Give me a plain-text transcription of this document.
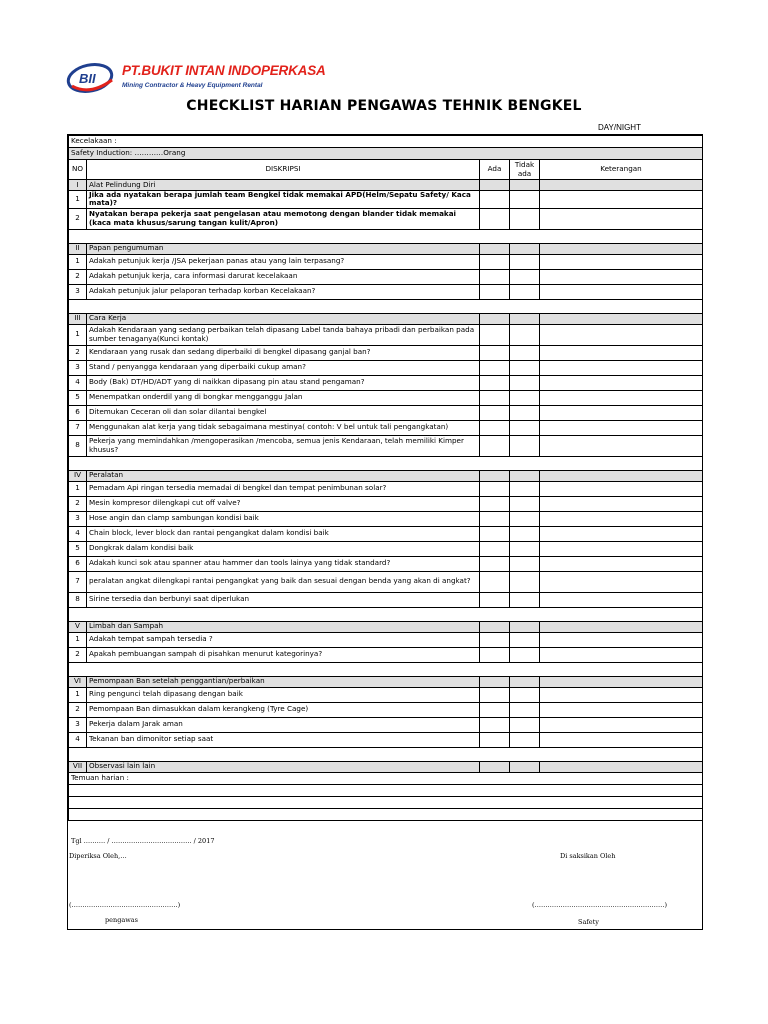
BII
PT.BUKIT INTAN INDOPERKASA
Mining Contractor & Heavy Equipment Rental
CHECKLIST HARIAN PENGAWAS TEHNIK BENGKEL
DAY/NIGHT
Kecelakaan :				
Safety Induction: …………Orang				
NO	DISKRIPSI	Ada	Tidak ada	Keterangan
I	Alat Pelindung Diri			
1	Jika ada nyatakan berapa jumlah team Bengkel tidak memakai APD(Helm/Sepatu Safety/ Kaca mata)?			
2	Nyatakan berapa pekerja saat pengelasan atau memotong dengan blander tidak memakai (kaca mata khusus/sarung tangan kulit/Apron)			

II	Papan pengumuman			
1	Adakah petunjuk kerja /JSA pekerjaan panas atau yang lain terpasang?			
2	Adakah petunjuk kerja, cara informasi darurat kecelakaan			
3	Adakah petunjuk jalur pelaporan terhadap korban Kecelakaan?			

III	Cara Kerja			
1	Adakah Kendaraan yang sedang perbaikan telah dipasang Label tanda bahaya pribadi dan perbaikan pada sumber tenaganya(Kunci kontak)			
2	Kendaraan yang rusak dan sedang diperbaiki di bengkel dipasang ganjal ban?			
3	Stand / penyangga kendaraan yang diperbaiki cukup aman?			
4	Body (Bak) DT/HD/ADT yang di naikkan dipasang pin atau stand pengaman?			
5	Menempatkan onderdil yang di bongkar mengganggu Jalan			
6	Ditemukan Ceceran oli dan solar dilantai bengkel			
7	Menggunakan alat kerja yang tidak sebagaimana mestinya( contoh: V bel untuk tali pengangkatan)			
8	Pekerja yang memindahkan /mengoperasikan /mencoba, semua jenis Kendaraan, telah memiliki Kimper khusus?			

IV	Peralatan			
1	Pemadam Api ringan tersedia memadai di bengkel dan tempat penimbunan solar?			
2	Mesin kompresor dilengkapi cut off valve?			
3	Hose angin dan clamp sambungan kondisi baik			
4	Chain block, lever block dan rantai pengangkat dalam kondisi baik			
5	Dongkrak dalam kondisi baik			
6	Adakah kunci sok atau spanner atau hammer dan tools lainya yang tidak standard?			
7	peralatan angkat dilengkapi rantai pengangkat yang baik dan sesuai dengan benda yang akan di angkat?			
8	Sirine tersedia dan berbunyi saat diperlukan			

V	Limbah dan Sampah			
1	Adakah tempat sampah tersedia ?			
2	Apakah pembuangan sampah di pisahkan menurut kategorinya?			

VI	Pemompaan Ban setelah penggantian/perbaikan			
1	Ring pengunci telah dipasang dengan baik			
2	Pemompaan Ban dimasukkan dalam kerangkeng (Tyre Cage)			
3	Pekerja dalam Jarak aman			
4	Tekanan ban dimonitor setiap saat			

VII	Observasi lain lain			
Temuan harian :				

Tgl ………. / ………………………………. / 2017
Diperiksa Oleh,…	Di saksikan Oleh
(………………………………………….)	(……………………………………………………)
pengawas	Safety
